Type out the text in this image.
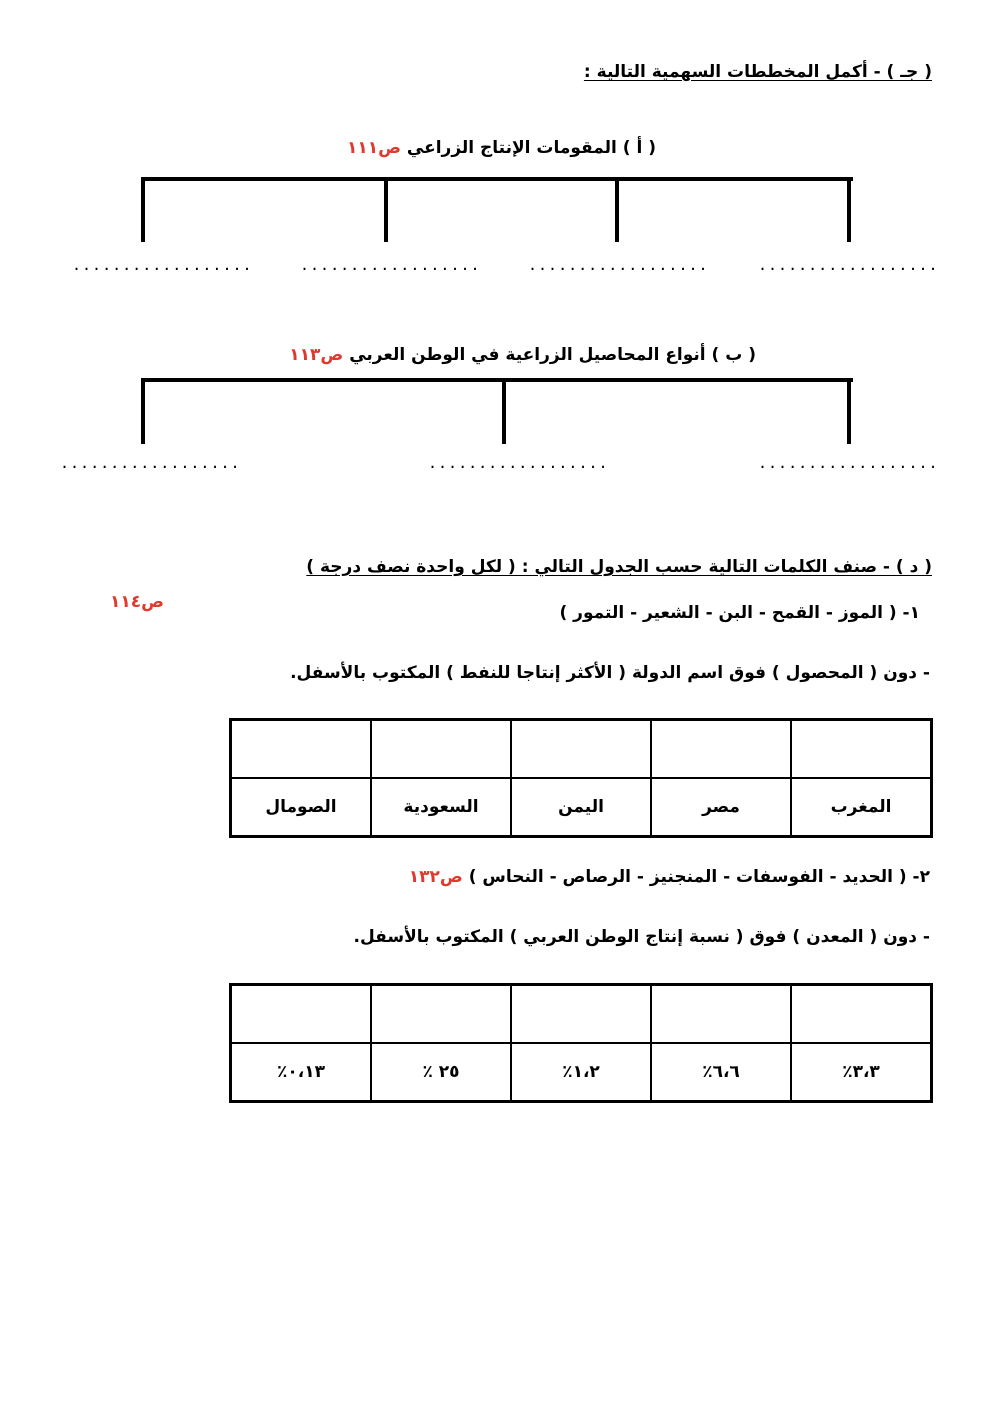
( جـ ) - أكمل المخططات السهمية التالية :
( أ ) المقومات الإنتاج الزراعي ص١١١
..................
..................
..................
..................
( ب ) أنواع المحاصيل الزراعية في الوطن العربي ص١١٣
..................
..................
..................
( د ) - صنف الكلمات التالية حسب الجدول التالي : ( لكل واحدة نصف درجة )
ص١١٤
١- ( الموز - القمح - البن - الشعير - التمور )
- دون ( المحصول ) فوق اسم الدولة ( الأكثر إنتاجا للنفط ) المكتوب بالأسفل.

المغرب	مصر	اليمن	السعودية	الصومال
٢- ( الحديد - الفوسفات - المنجنيز - الرصاص - النحاس ) ص١٣٢
- دون ( المعدن ) فوق ( نسبة إنتاج الوطن العربي ) المكتوب بالأسفل.

٣،٣٪	٦،٦٪	١،٢٪	٢٥ ٪	٠،١٣٪
